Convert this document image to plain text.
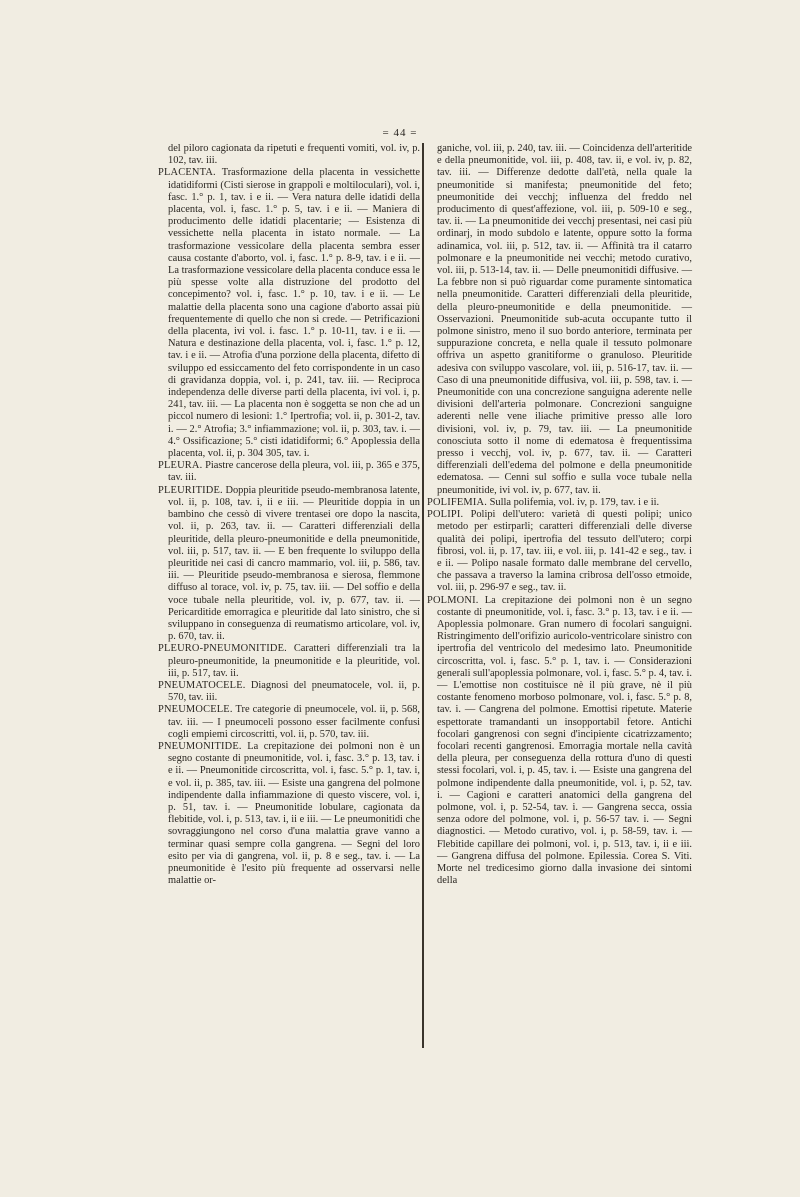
= 44 =

del piloro cagionata da ripetuti e frequenti vomiti, vol. iv, p. 102, tav. iii.

PLACENTA. Trasformazione della placenta in vessichette idatidiformi (Cisti sierose in grappoli e moltiloculari), vol. i, fasc. 1.° p. 1, tav. i e ii. — Vera natura delle idatidi della placenta, vol. i, fasc. 1.° p. 5, tav. i e ii. — Maniera di producimento delle idatidi placentarie; — Esistenza di vessichette nella placenta in istato normale. — La trasformazione vessicolare della placenta sembra esser causa costante d'aborto, vol. i, fasc. 1.° p. 8-9, tav. i e ii. — La trasformazione vessicolare della placenta conduce essa le più spesse volte alla distruzione del prodotto del concepimento? vol. i, fasc. 1.° p. 10, tav. i e ii. — Le malattie della placenta sono una cagione d'aborto assai più frequentemente di quello che non si crede. — Petrificazioni della placenta, ivi vol. i. fasc. 1.° p. 10-11, tav. i e ii. — Natura e destinazione della placenta, vol. i, fasc. 1.° p. 12, tav. i e ii. — Atrofia d'una porzione della placenta, difetto di sviluppo ed essiccamento del feto corrispondente in un caso di gravidanza doppia, vol. i, p. 241, tav. iii. — Reciproca independenza delle diverse parti della placenta, ivi vol. i, p. 241, tav. iii. — La placenta non è soggetta se non che ad un piccol numero di lesioni: 1.° Ipertrofia; vol. ii, p. 301-2, tav. i. — 2.° Atrofia; 3.° infiammazione; vol. ii, p. 303, tav. i. — 4.° Ossificazione; 5.° cisti idatidiformi; 6.° Apoplessia della placenta, vol. ii, p. 304 305, tav. i.

PLEURA. Piastre cancerose della pleura, vol. iii, p. 365 e 375, tav. iii.

PLEURITIDE. Doppia pleuritide pseudo-membranosa latente, vol. ii, p. 108, tav. i, ii e iii. — Pleuritide doppia in un bambino che cessò di vivere trentasei ore dopo la nascita, vol. ii, p. 263, tav. ii. — Caratteri differenziali della pleuritide, della pleuro-pneumonitide e della pneumonitide, vol. iii, p. 517, tav. ii. — E ben frequente lo sviluppo della pleuritide nei casi di cancro mammario, vol. iii, p. 586, tav. iii. — Pleuritide pseudo-membranosa e sierosa, flemmone diffuso al torace, vol. iv, p. 75, tav. iii. — Del soffio e della voce tubale nella pleuritide, vol. iv, p. 677, tav. ii. — Pericarditide emorragica e pleuritide dal lato sinistro, che si sviluppano in conseguenza di reumatismo articolare, vol. iv, p. 670, tav. ii.

PLEURO-PNEUMONITIDE. Caratteri differenziali tra la pleuro-pneumonitide, la pneumonitide e la pleuritide, vol. iii, p. 517, tav. ii.

PNEUMATOCELE. Diagnosi del pneumatocele, vol. ii, p. 570, tav. iii.

PNEUMOCELE. Tre categorie di pneumocele, vol. ii, p. 568, tav. iii. — I pneumoceli possono esser facilmente confusi cogli empiemi circoscritti, vol. ii, p. 570, tav. iii.

PNEUMONITIDE. La crepitazione dei polmoni non è un segno costante di pneumonitide, vol. i, fasc. 3.° p. 13, tav. i e ii. — Pneumonitide circoscritta, vol. i, fasc. 5.° p. 1, tav. i, e vol. ii, p. 385, tav. iii. — Esiste una gangrena del polmone indipendente dalla infiammazione di questo viscere, vol. i, p. 51, tav. i. — Pneumonitide lobulare, cagionata da flebitide, vol. i, p. 513, tav. i, ii e iii. — Le pneumonitidi che sovraggiungono nel corso d'una malattia grave vanno a terminar quasi sempre colla gangrena. — Segni del loro esito per via di gangrena, vol. ii, p. 8 e seg., tav. i. — La pneumonitide è l'esito più frequente ad osservarsi nelle malattie or-

ganiche, vol. iii, p. 240, tav. iii. — Coincidenza dell'arteritide e della pneumonitide, vol. iii, p. 408, tav. ii, e vol. iv, p. 82, tav. iii. — Differenze dedotte dall'età, nella quale la pneumonitide si manifesta; pneumonitide del feto; pneumonitide dei vecchj; influenza del freddo nel producimento di quest'affezione, vol. iii, p. 509-10 e seg., tav. ii. — La pneumonitide dei vecchj presentasi, nei casi più ordinarj, in modo subdolo e latente, oppure sotto la forma adinamica, vol. iii, p. 512, tav. ii. — Affinità tra il catarro polmonare e la pneumonitide nei vecchi; metodo curativo, vol. iii, p. 513-14, tav. ii. — Delle pneumonitidi diffusive. — La febbre non si può riguardar come puramente sintomatica nella pneumonitide. Caratteri differenziali della pleuritide, della pleuro-pneumonitide e della pneumonitide. — Osservazioni. Pneumonitide sub-acuta occupante tutto il polmone sinistro, meno il suo bordo anteriore, terminata per suppurazione concreta, e nella quale il tessuto polmonare offriva un aspetto granitiforme o granuloso. Pleuritide adesiva con sviluppo vascolare, vol. iii, p. 516-17, tav. ii. — Caso di una pneumonitide diffusiva, vol. iii, p. 598, tav. i. — Pneumonitide con una concrezione sanguigna aderente nelle divisioni dell'arteria polmonare. Concrezioni sanguigne aderenti nelle vene iliache primitive presso alle loro divisioni, vol. iv, p. 79, tav. iii. — La pneumonitide conosciuta sotto il nome di edematosa è frequentissima presso i vecchj, vol. iv, p. 677, tav. ii. — Caratteri differenziali dell'edema del polmone e della pneumonitide edematosa. — Cenni sul soffio e sulla voce tubale nella pneumonitide, ivi vol. iv, p. 677, tav. ii.

POLIFEMIA. Sulla polifemia, vol. iv, p. 179, tav. i e ii.

POLIPI. Polipi dell'utero: varietà di questi polipi; unico metodo per estirparli; caratteri differenziali delle diverse qualità dei polipi, ipertrofia del tessuto dell'utero; corpi fibrosi, vol. ii, p. 17, tav. iii, e vol. iii, p. 141-42 e seg., tav. i e ii. — Polipo nasale formato dalle membrane del cervello, che passava a traverso la lamina cribrosa dell'osso etmoide, vol. iii, p. 296-97 e seg., tav. ii.

POLMONI. La crepitazione dei polmoni non è un segno costante di pneumonitide, vol. i, fasc. 3.° p. 13, tav. i e ii. — Apoplessia polmonare. Gran numero di focolari sanguigni. Ristringimento dell'orifizio auricolo-ventricolare sinistro con ipertrofia del ventricolo del medesimo lato. Pneumonitide circoscritta, vol. i, fasc. 5.° p. 1, tav. i. — Considerazioni generali sull'apoplessia polmonare, vol. i, fasc. 5.° p. 4, tav. i. — L'emottise non costituisce nè il più grave, nè il più costante fenomeno morboso polmonare, vol. i, fasc. 5.° p. 8, tav. i. — Cangrena del polmone. Emottisi ripetute. Materie espettorate tramandanti un insopportabil fetore. Antichi focolari gangrenosi con segni d'incipiente cicatrizzamento; focolari recenti gangrenosi. Emorragia mortale nella cavità della pleura, per conseguenza della rottura d'uno di questi stessi focolari, vol. i, p. 45, tav. i. — Esiste una gangrena del polmone indipendente dalla pneumonitide, vol. i, p. 52, tav. i. — Cagioni e caratteri anatomici della gangrena del polmone, vol. i, p. 52-54, tav. i. — Gangrena secca, ossia senza odore del polmone, vol. i, p. 56-57 tav. i. — Segni diagnostici. — Metodo curativo, vol. i, p. 58-59, tav. i. — Flebitide capillare dei polmoni, vol. i, p. 513, tav. i, ii e iii. — Gangrena diffusa del polmone. Epilessia. Corea S. Viti. Morte nel tredicesimo giorno dalla invasione dei sintomi della
